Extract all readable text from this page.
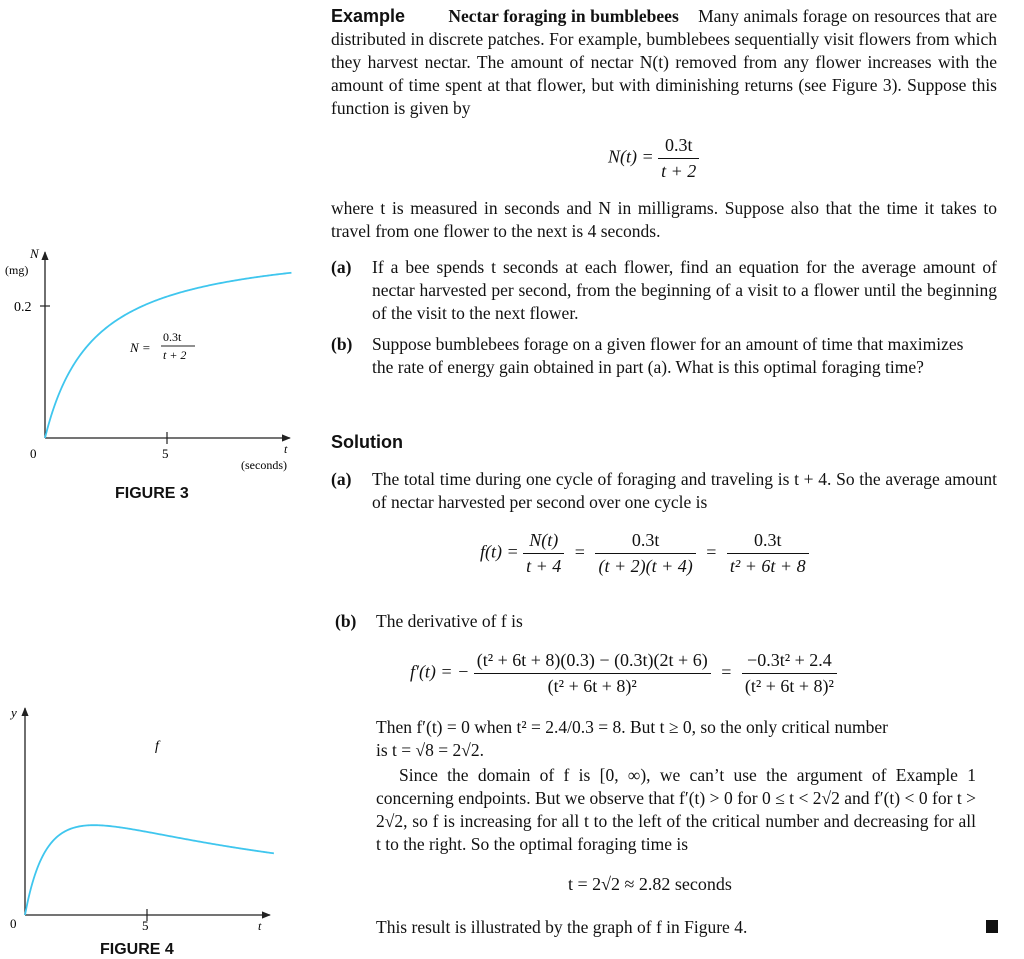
N
(mg)
0.2
0	5	t
(seconds)
N =
0.3t
t + 2
FIGURE 3
y
0	5	t
f
FIGURE 4
Example Nectar foraging in bumblebees Many animals forage on resources that are distributed in discrete patches. For example, bumblebees sequentially visit flowers from which they harvest nectar. The amount of nectar N(t) removed from any flower increases with the amount of time spent at that flower, but with diminishing returns (see Figure 3). Suppose this function is given by
$N(t) = \frac{0.3t}{t + 2}$
where t is measured in seconds and N in milligrams. Suppose also that the time it takes to travel from one flower to the next is 4 seconds.
(a) If a bee spends t seconds at each flower, find an equation for the average amount of nectar harvested per second, from the beginning of a visit to a flower until the beginning of the visit to the next flower.
(b) Suppose bumblebees forage on a given flower for an amount of time that maximizes the rate of energy gain obtained in part (a). What is this optimal foraging time?
Solution
(a) The total time during one cycle of foraging and traveling is t + 4. So the average amount of nectar harvested per second over one cycle is
$f(t) = \frac{N(t)}{t + 4} = \frac{0.3t}{(t + 2)(t + 4)} = \frac{0.3t}{\text{t² + 6t + 8}}$
(b) The derivative of f is
f′(t) = − $\frac{\text{(t² + 6t + 8)(0.3) − (0.3t)(2t + 6)}}{\text{(t² + 6t + 8)²}} = \frac{\text{−0.3t² + 2.4}}{\text{(t² + 6t + 8)²}}$
Then f′(t) = 0 when t² = 2.4/0.3 = 8. But t ≥ 0, so the only critical number
is t = √8 = 2√2.
Since the domain of f is [0, ∞), we can’t use the argument of Example 1 concerning endpoints. But we observe that f′(t) > 0 for 0 ≤ t < 2√2 and f′(t) < 0 for t > 2√2, so f is increasing for all t to the left of the critical number and decreasing for all t to the right. So the optimal foraging time is
t = 2√2 ≈ 2.82 seconds
This result is illustrated by the graph of f in Figure 4.
